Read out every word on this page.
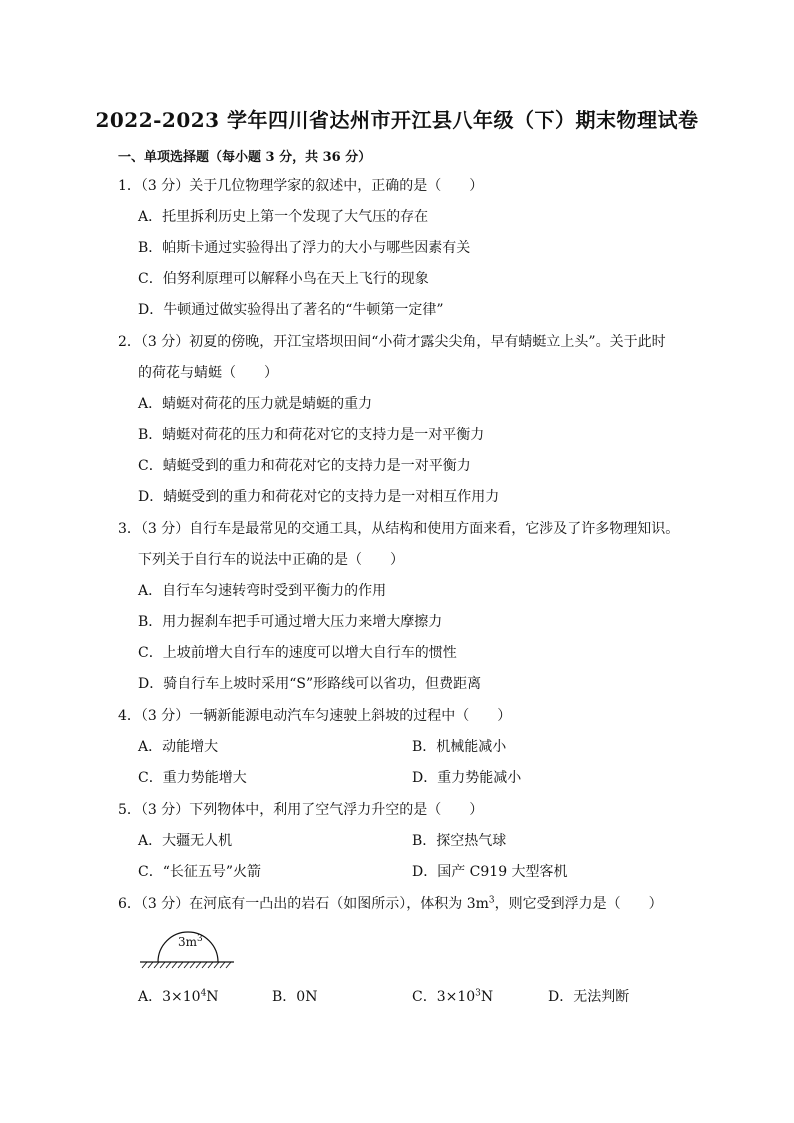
2022-2023 学年四川省达州市开江县八年级（下）期末物理试卷
一、单项选择题（每小题 3 分，共 36 分）
1．（3 分）关于几位物理学家的叙述中，正确的是（　　）
A．托里拆利历史上第一个发现了大气压的存在
B．帕斯卡通过实验得出了浮力的大小与哪些因素有关
C．伯努利原理可以解释小鸟在天上飞行的现象
D．牛顿通过做实验得出了著名的“牛顿第一定律”
2．（3 分）初夏的傍晚，开江宝塔坝田间“小荷才露尖尖角，早有蜻蜓立上头”。关于此时
的荷花与蜻蜓（　　）
A．蜻蜓对荷花的压力就是蜻蜓的重力
B．蜻蜓对荷花的压力和荷花对它的支持力是一对平衡力
C．蜻蜓受到的重力和荷花对它的支持力是一对平衡力
D．蜻蜓受到的重力和荷花对它的支持力是一对相互作用力
3．（3 分）自行车是最常见的交通工具，从结构和使用方面来看，它涉及了许多物理知识。
下列关于自行车的说法中正确的是（　　）
A．自行车匀速转弯时受到平衡力的作用
B．用力握刹车把手可通过增大压力来增大摩擦力
C．上坡前增大自行车的速度可以增大自行车的惯性
D．骑自行车上坡时采用“S”形路线可以省功，但费距离
4．（3 分）一辆新能源电动汽车匀速驶上斜坡的过程中（　　）
A．动能增大	B．机械能减小
C．重力势能增大	D．重力势能减小
5．（3 分）下列物体中，利用了空气浮力升空的是（　　）
A．大疆无人机	B．探空热气球
C．“长征五号”火箭	D．国产 C919 大型客机
6．（3 分）在河底有一凸出的岩石（如图所示），体积为 $3m^3$，则它受到浮力是（　　）
$3m^3$
A．$3\times 10^4N$	B．0N	C．$3\times 10^3N$	D．无法判断
